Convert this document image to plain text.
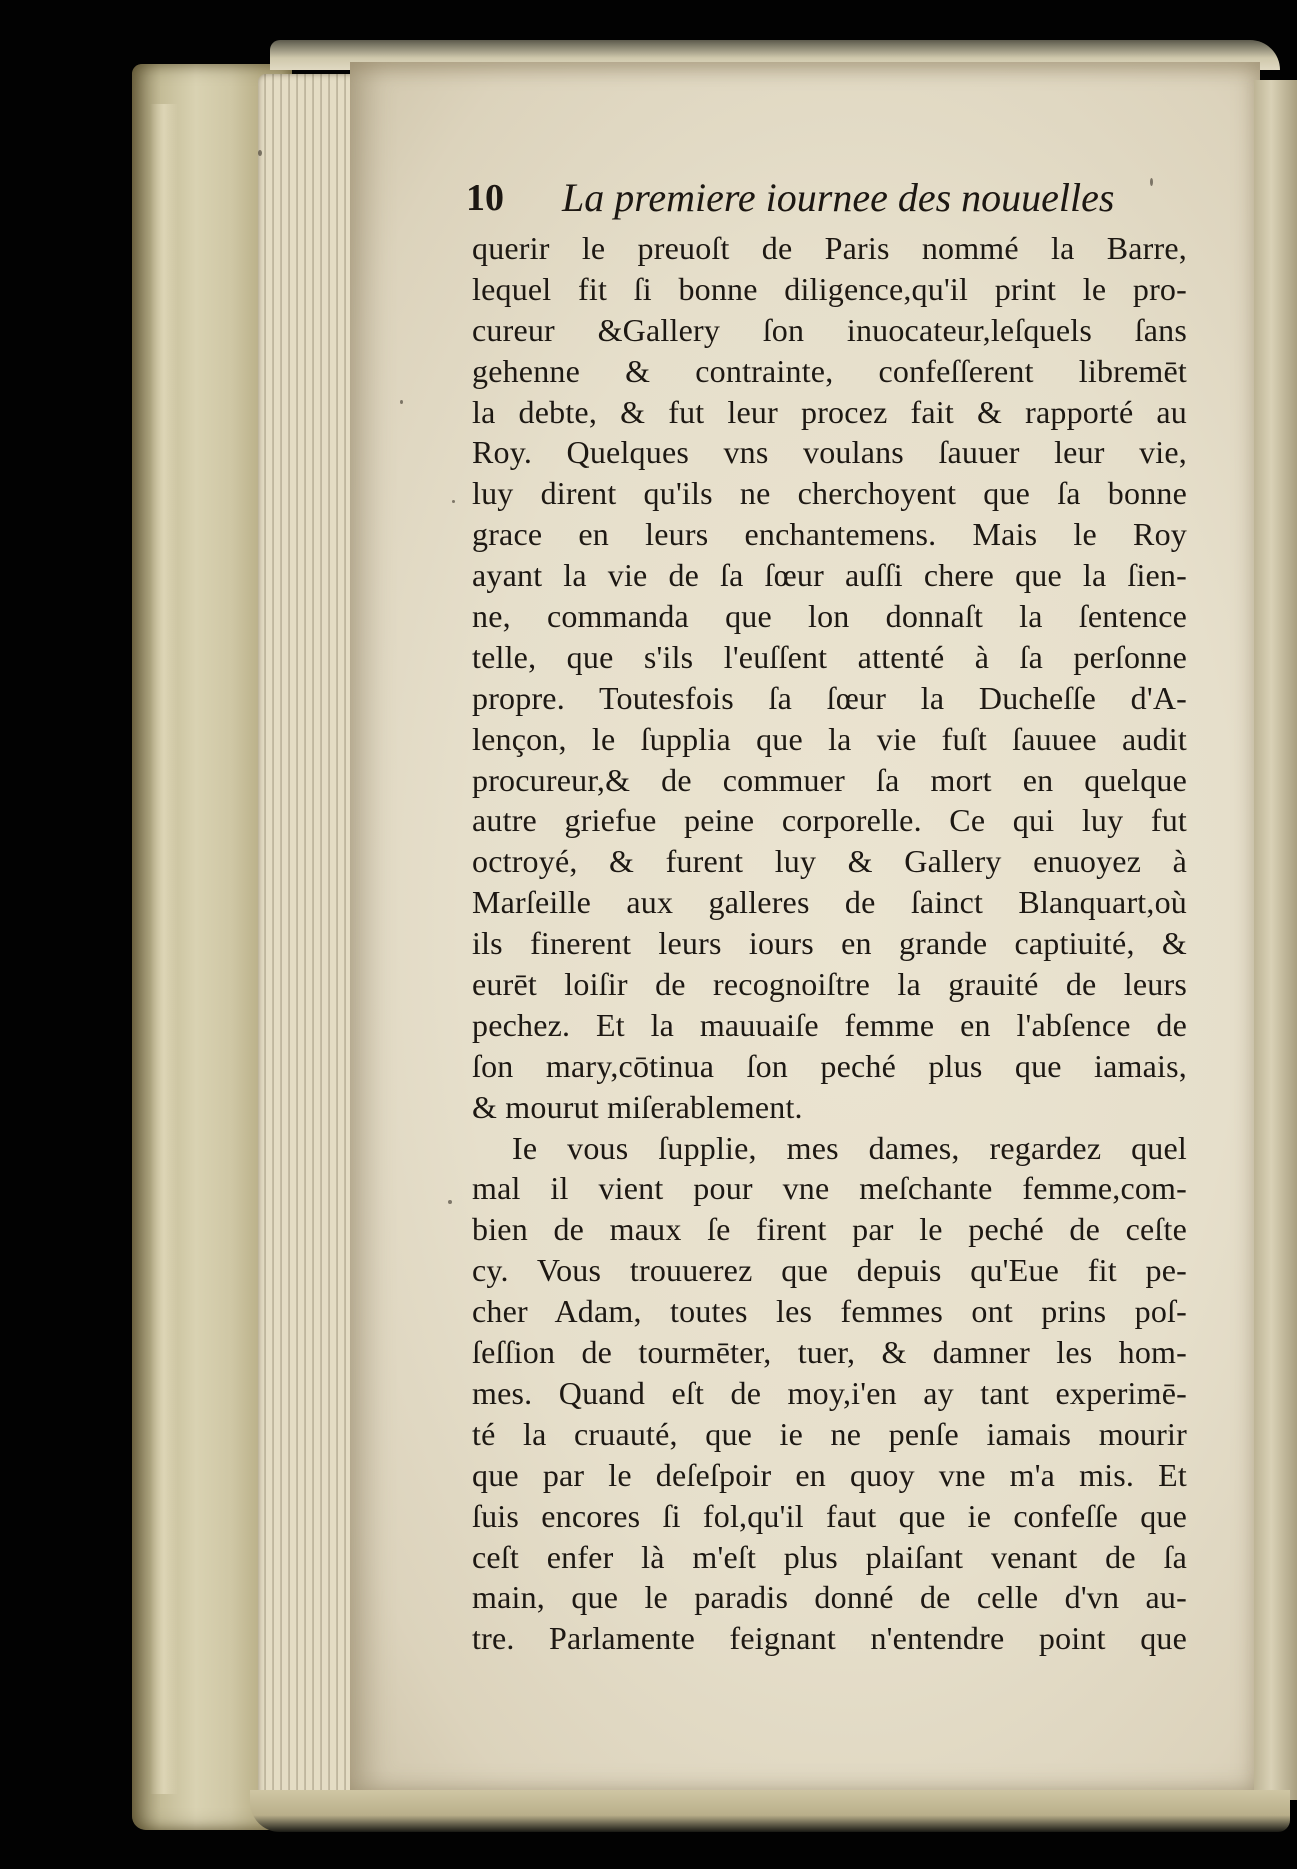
10 La premiere iournee des nouuelles
querir le preuoſt de Paris nommé la Barre,
lequel fit ſi bonne diligence,qu'il print le pro-
cureur &Gallery ſon inuocateur,leſquels ſans
gehenne & contrainte, confeſſerent libremēt
la debte, & fut leur procez fait & rapporté au
Roy. Quelques vns voulans ſauuer leur vie,
luy dirent qu'ils ne cherchoyent que ſa bonne
grace en leurs enchantemens. Mais le Roy
ayant la vie de ſa ſœur auſſi chere que la ſien-
ne, commanda que lon donnaſt la ſentence
telle, que s'ils l'euſſent attenté à ſa perſonne
propre. Toutesfois ſa ſœur la Ducheſſe d'A-
lençon, le ſupplia que la vie fuſt ſauuee audit
procureur,& de commuer ſa mort en quelque
autre griefue peine corporelle. Ce qui luy fut
octroyé, & furent luy & Gallery enuoyez à
Marſeille aux galleres de ſainct Blanquart,où
ils finerent leurs iours en grande captiuité, &
eurēt loiſir de recognoiſtre la grauité de leurs
pechez. Et la mauuaiſe femme en l'abſence de
ſon mary,cōtinua ſon peché plus que iamais,
& mourut miſerablement.
Ie vous ſupplie, mes dames, regardez quel
mal il vient pour vne meſchante femme,com-
bien de maux ſe firent par le peché de ceſte
cy. Vous trouuerez que depuis qu'Eue fit pe-
cher Adam, toutes les femmes ont prins poſ-
ſeſſion de tourmēter, tuer, & damner les hom-
mes. Quand eſt de moy,i'en ay tant experimē-
té la cruauté, que ie ne penſe iamais mourir
que par le deſeſpoir en quoy vne m'a mis. Et
ſuis encores ſi fol,qu'il faut que ie confeſſe que
ceſt enfer là m'eſt plus plaiſant venant de ſa
main, que le paradis donné de celle d'vn au-
tre. Parlamente feignant n'entendre point que
